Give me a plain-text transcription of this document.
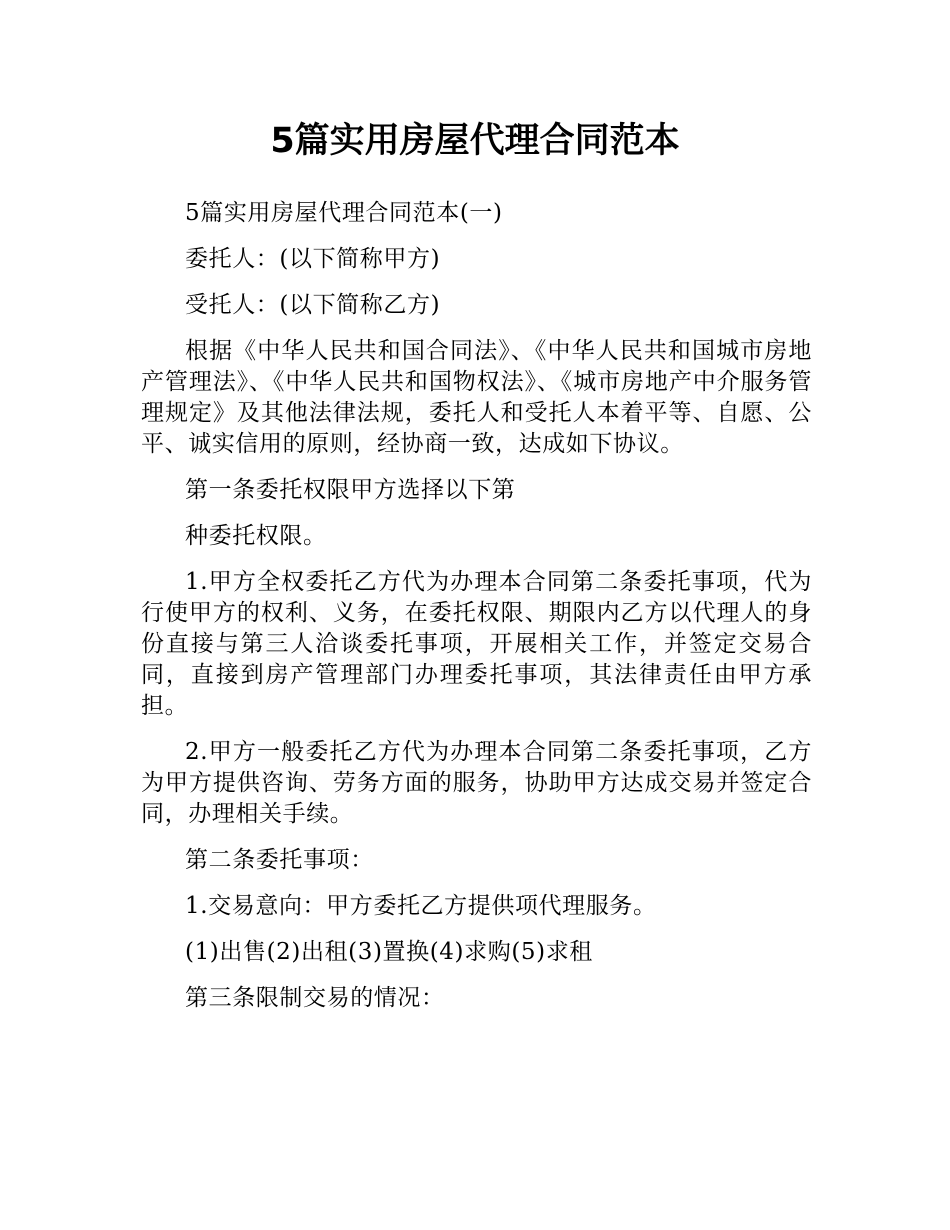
5篇实用房屋代理合同范本

5篇实用房屋代理合同范本(一)

委托人：(以下简称甲方)

受托人：(以下简称乙方)

根据《中华人民共和国合同法》、《中华人民共和国城市房地产管理法》、《中华人民共和国物权法》、《城市房地产中介服务管理规定》及其他法律法规，委托人和受托人本着平等、自愿、公平、诚实信用的原则，经协商一致，达成如下协议。

第一条委托权限甲方选择以下第

种委托权限。

1.甲方全权委托乙方代为办理本合同第二条委托事项，代为行使甲方的权利、义务，在委托权限、期限内乙方以代理人的身份直接与第三人洽谈委托事项，开展相关工作，并签定交易合同，直接到房产管理部门办理委托事项，其法律责任由甲方承担。

2.甲方一般委托乙方代为办理本合同第二条委托事项，乙方为甲方提供咨询、劳务方面的服务，协助甲方达成交易并签定合同，办理相关手续。

第二条委托事项：

1.交易意向：甲方委托乙方提供项代理服务。

(1)出售(2)出租(3)置换(4)求购(5)求租

第三条限制交易的情况：
